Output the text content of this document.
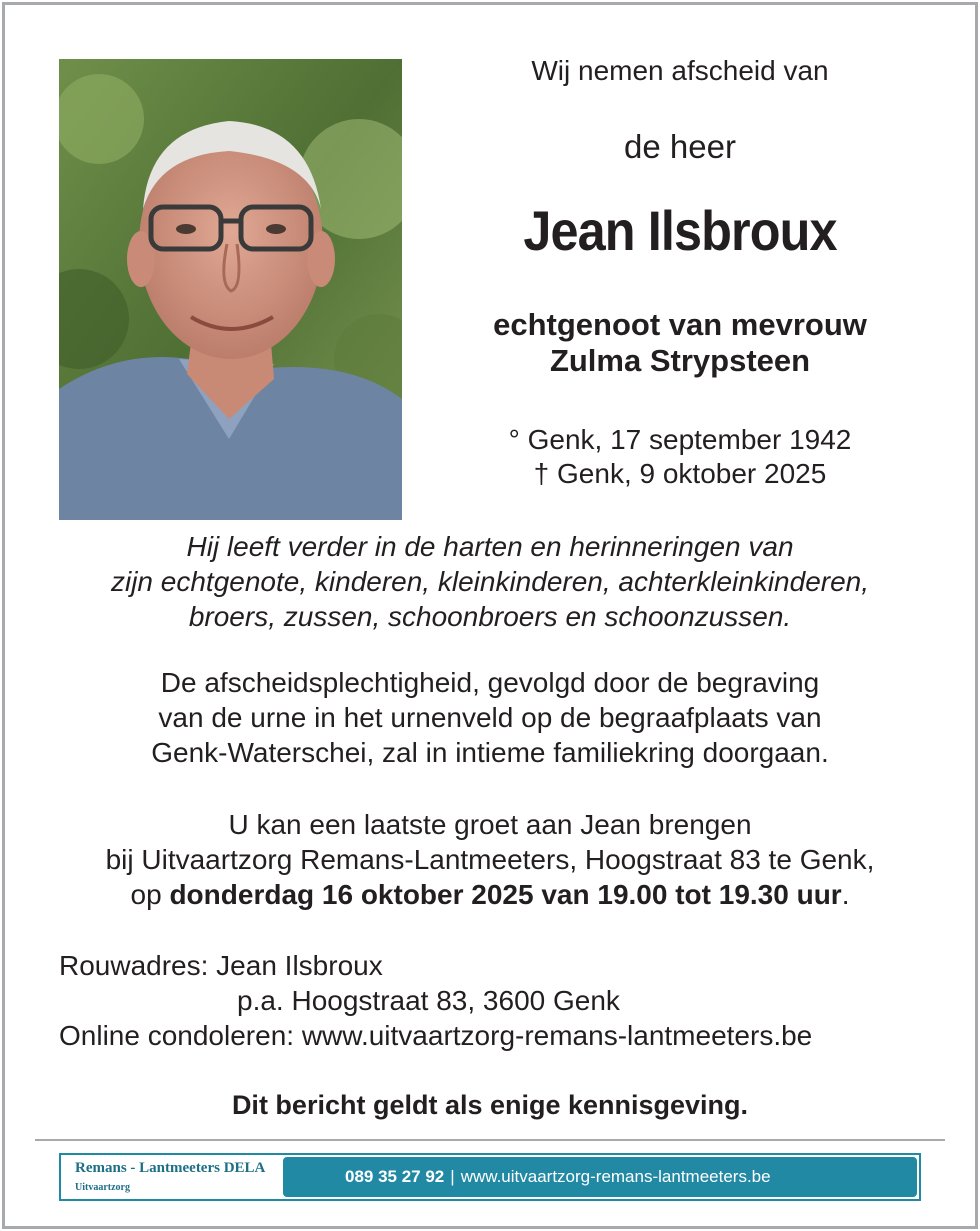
Wij nemen afscheid van
de heer
Jean Ilsbroux
echtgenoot van mevrouw
Zulma Strypsteen
° Genk, 17 september 1942
† Genk, 9 oktober 2025
Hij leeft verder in de harten en herinneringen van
zijn echtgenote, kinderen, kleinkinderen, achterkleinkinderen,
broers, zussen, schoonbroers en schoonzussen.
De afscheidsplechtigheid, gevolgd door de begraving
van de urne in het urnenveld op de begraafplaats van
Genk-Waterschei, zal in intieme familiekring doorgaan.
U kan een laatste groet aan Jean brengen
bij Uitvaartzorg Remans-Lantmeeters, Hoogstraat 83 te Genk,
op donderdag 16 oktober 2025 van 19.00 tot 19.30 uur.
Rouwadres: Jean Ilsbroux
p.a. Hoogstraat 83, 3600 Genk
Online condoleren: www.uitvaartzorg-remans-lantmeeters.be
Dit bericht geldt als enige kennisgeving.
Remans - Lantmeeters DELA
Uitvaartzorg
089 35 27 92 | www.uitvaartzorg-remans-lantmeeters.be
